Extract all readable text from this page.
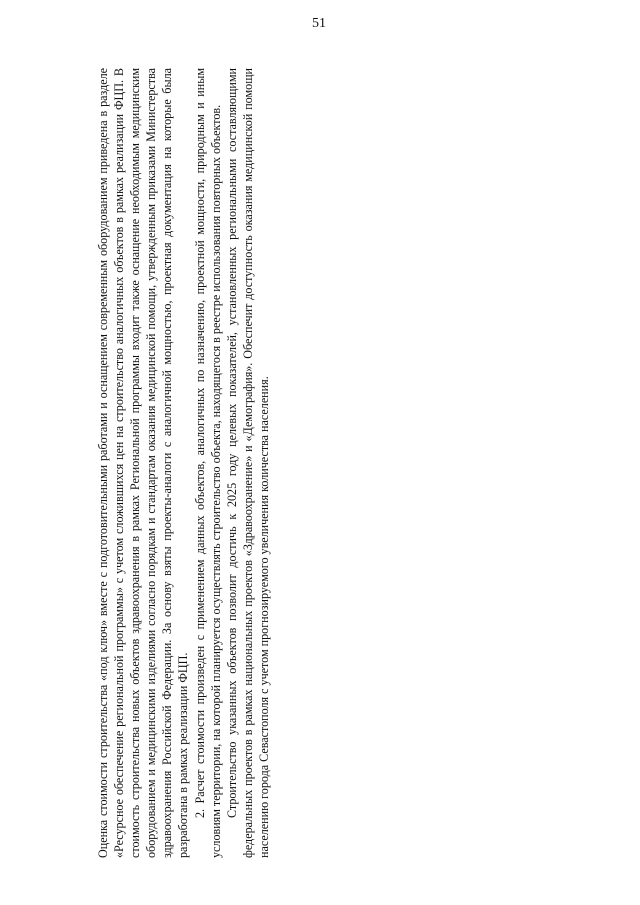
51

Оценка стоимости строительства «под ключ» вместе с подготовительными работами и оснащением современным оборудованием приведена в разделе «Ресурсное обеспечение региональной программы» с учетом сложившихся цен на строительство аналогичных объектов в рамках реализации ФЦП. В стоимость строительства новых объектов здравоохранения в рамках Региональной программы входит также оснащение необходимым медицинским оборудованием и медицинскими изделиями согласно порядкам и стандартам оказания медицинской помощи, утвержденным приказами Министерства здравоохранения Российской Федерации. За основу взяты проекты-аналоги с аналогичной мощностью, проектная документация на которые была разработана в рамках реализации ФЦП. 2. Расчет стоимости произведен с применением данных объектов, аналогичных по назначению, проектной мощности, природным и иным условиям территории, на которой планируется осуществлять строительство объекта, находящегося в реестре использования повторных объектов. Строительство указанных объектов позволит достичь к 2025 году целевых показателей, установленных региональными составляющими федеральных проектов в рамках национальных проектов «Здравоохранение» и «Демография». Обеспечит доступность оказания медицинской помощи населению города Севастополя с учетом прогнозируемого увеличения количества населения.
